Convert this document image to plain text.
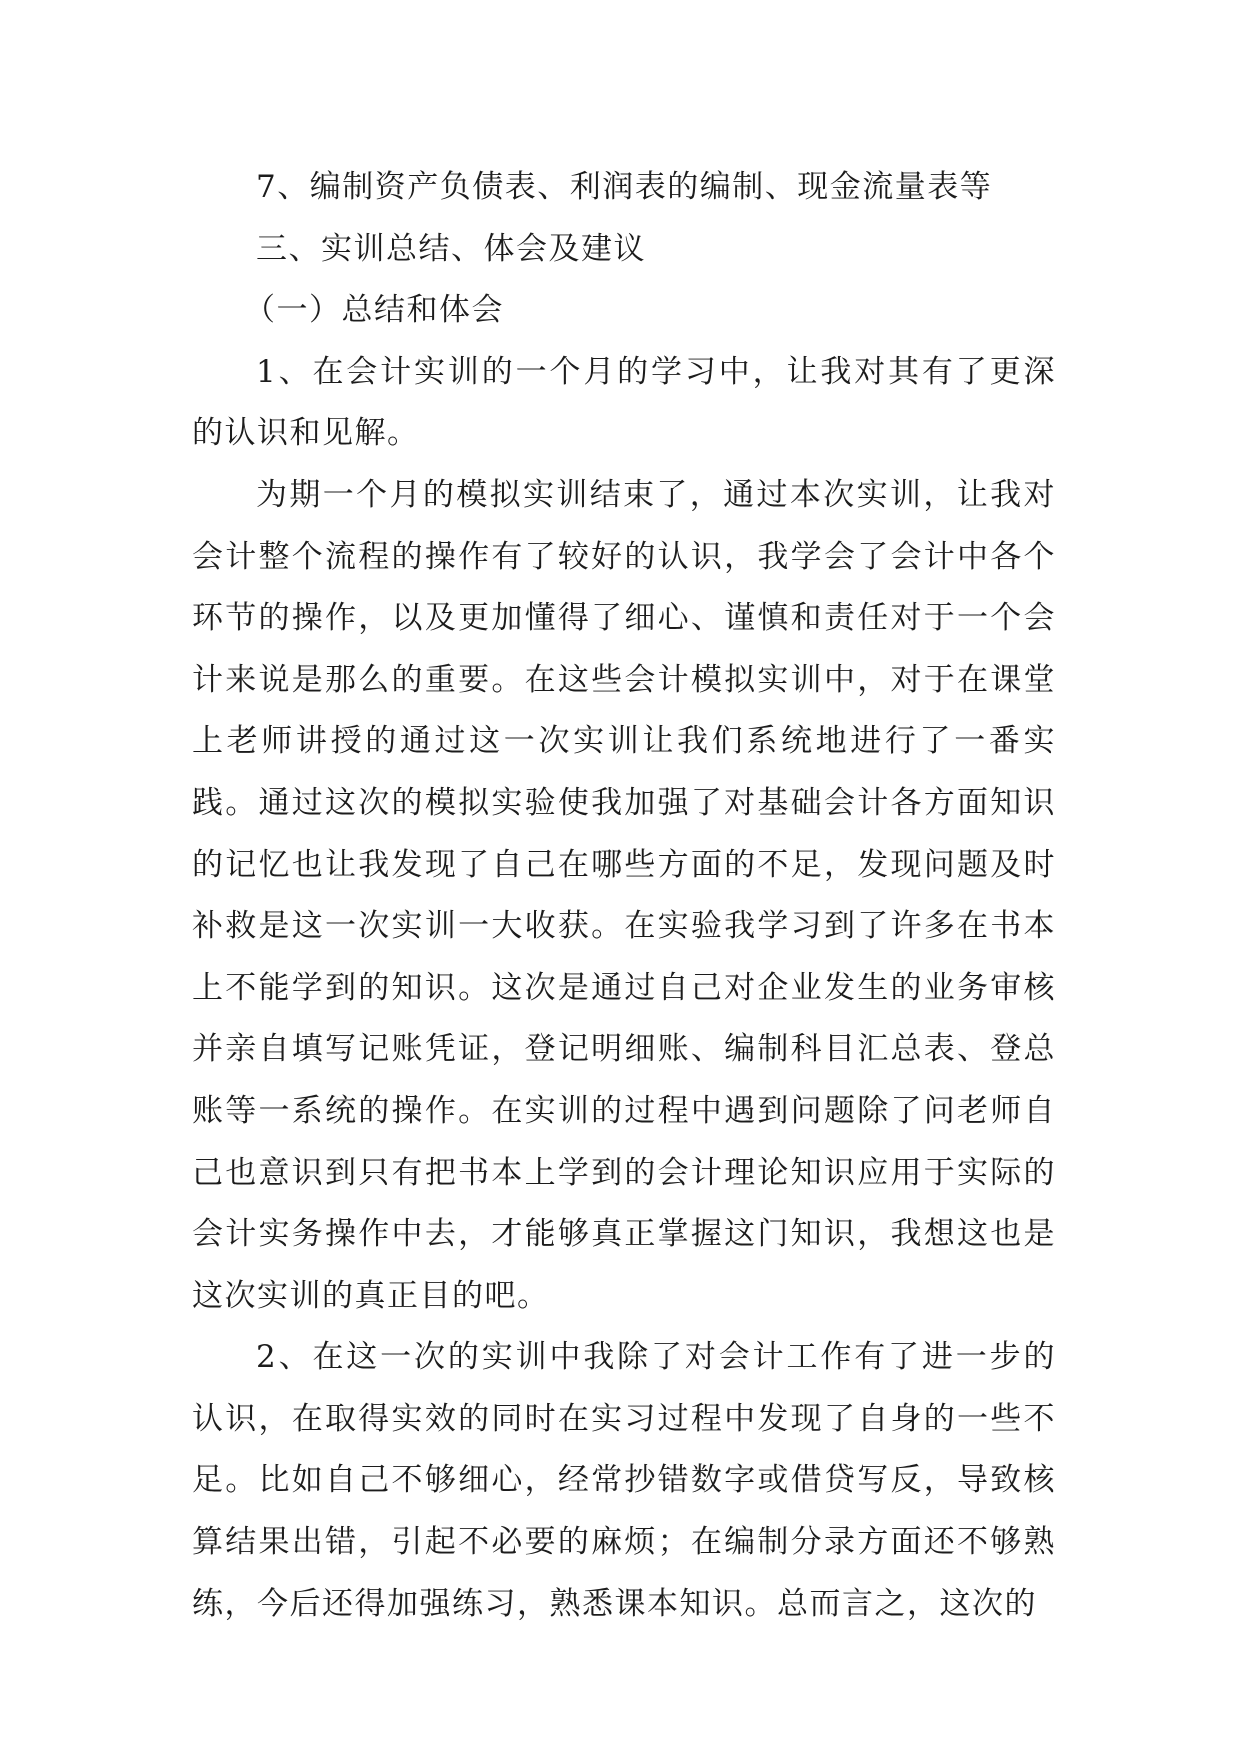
7、编制资产负债表、利润表的编制、现金流量表等

三、实训总结、体会及建议

（一）总结和体会

1、在会计实训的一个月的学习中，让我对其有了更深的认识和见解。

为期一个月的模拟实训结束了，通过本次实训，让我对会计整个流程的操作有了较好的认识，我学会了会计中各个环节的操作，以及更加懂得了细心、谨慎和责任对于一个会计来说是那么的重要。在这些会计模拟实训中，对于在课堂上老师讲授的通过这一次实训让我们系统地进行了一番实践。通过这次的模拟实验使我加强了对基础会计各方面知识的记忆也让我发现了自己在哪些方面的不足，发现问题及时补救是这一次实训一大收获。在实验我学习到了许多在书本上不能学到的知识。这次是通过自己对企业发生的业务审核并亲自填写记账凭证，登记明细账、编制科目汇总表、登总账等一系统的操作。在实训的过程中遇到问题除了问老师自己也意识到只有把书本上学到的会计理论知识应用于实际的会计实务操作中去，才能够真正掌握这门知识，我想这也是这次实训的真正目的吧。

2、在这一次的实训中我除了对会计工作有了进一步的认识，在取得实效的同时在实习过程中发现了自身的一些不足。比如自己不够细心，经常抄错数字或借贷写反，导致核算结果出错，引起不必要的麻烦；在编制分录方面还不够熟练，今后还得加强练习，熟悉课本知识。总而言之，这次的
